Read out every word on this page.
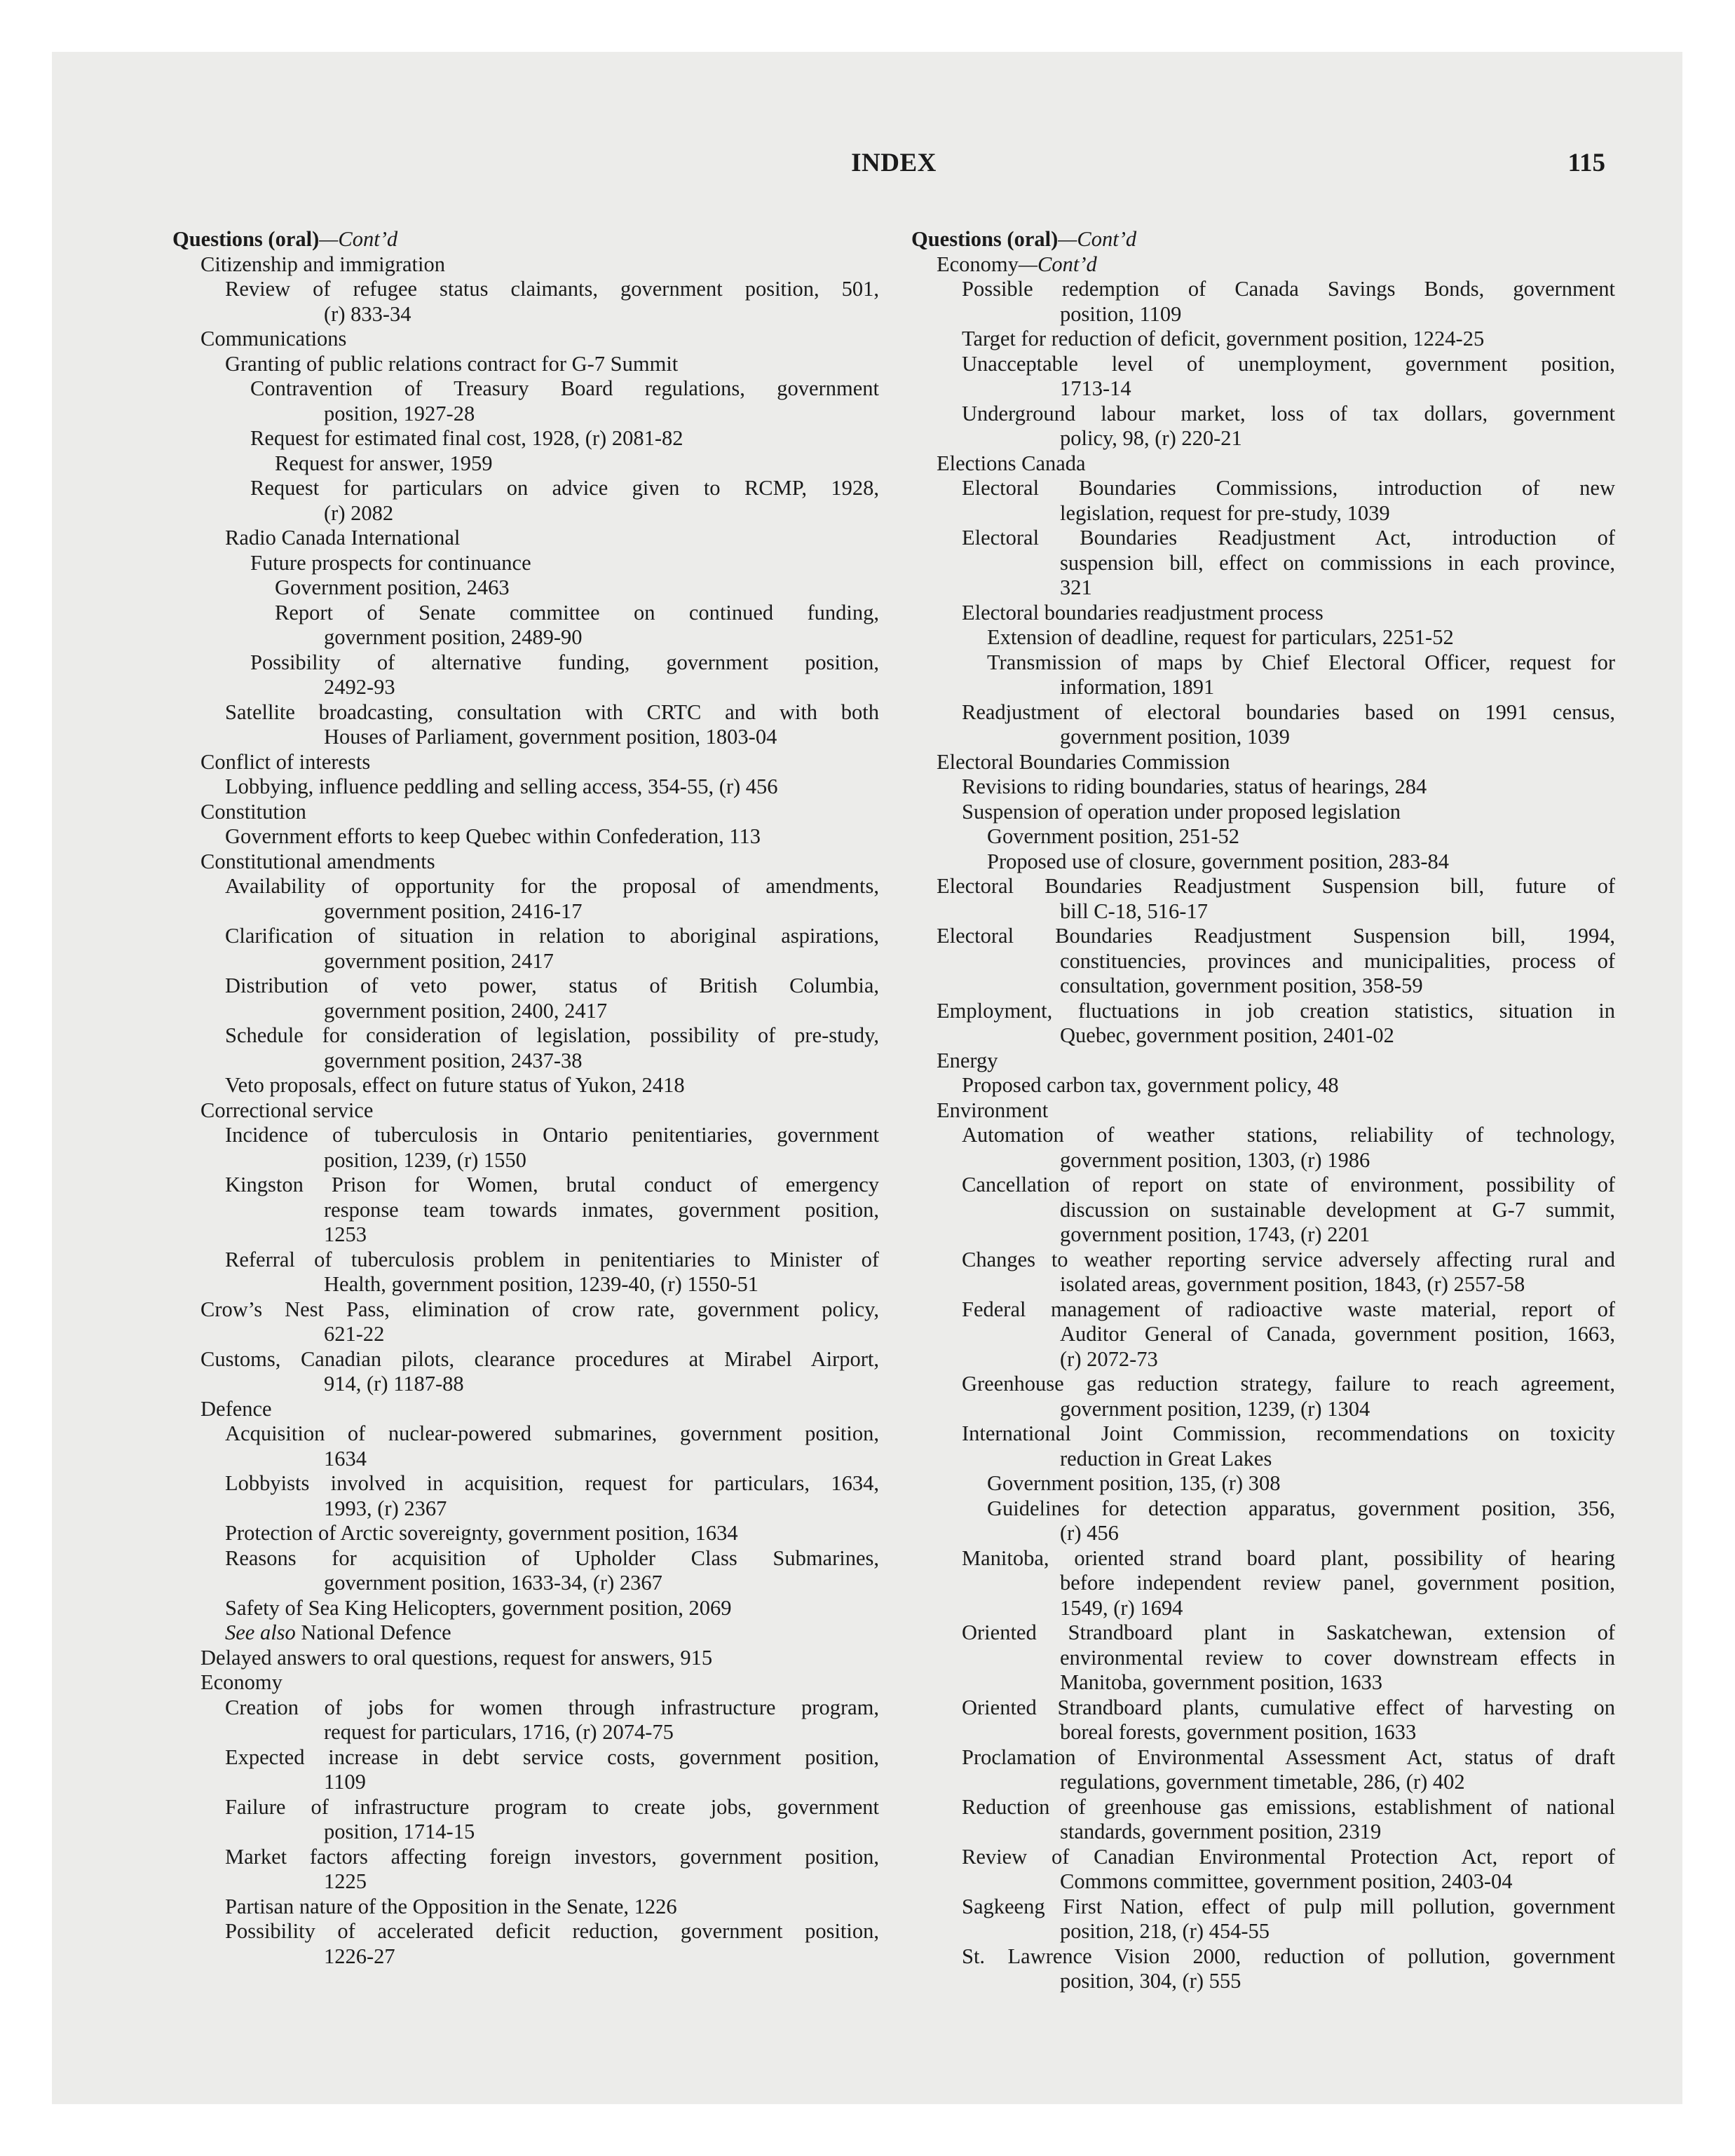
INDEX	115
Questions (oral)—Cont’d
Citizenship and immigration
Review of refugee status claimants, government position, 501,
(r) 833-34
Communications
Granting of public relations contract for G-7 Summit
Contravention of Treasury Board regulations, government
position, 1927-28
Request for estimated final cost, 1928, (r) 2081-82
Request for answer, 1959
Request for particulars on advice given to RCMP, 1928,
(r) 2082
Radio Canada International
Future prospects for continuance
Government position, 2463
Report of Senate committee on continued funding,
government position, 2489-90
Possibility of alternative funding, government position,
2492-93
Satellite broadcasting, consultation with CRTC and with both
Houses of Parliament, government position, 1803-04
Conflict of interests
Lobbying, influence peddling and selling access, 354-55, (r) 456
Constitution
Government efforts to keep Quebec within Confederation, 113
Constitutional amendments
Availability of opportunity for the proposal of amendments,
government position, 2416-17
Clarification of situation in relation to aboriginal aspirations,
government position, 2417
Distribution of veto power, status of British Columbia,
government position, 2400, 2417
Schedule for consideration of legislation, possibility of pre-study,
government position, 2437-38
Veto proposals, effect on future status of Yukon, 2418
Correctional service
Incidence of tuberculosis in Ontario penitentiaries, government
position, 1239, (r) 1550
Kingston Prison for Women, brutal conduct of emergency
response team towards inmates, government position,
1253
Referral of tuberculosis problem in penitentiaries to Minister of
Health, government position, 1239-40, (r) 1550-51
Crow’s Nest Pass, elimination of crow rate, government policy,
621-22
Customs, Canadian pilots, clearance procedures at Mirabel Airport,
914, (r) 1187-88
Defence
Acquisition of nuclear-powered submarines, government position,
1634
Lobbyists involved in acquisition, request for particulars, 1634,
1993, (r) 2367
Protection of Arctic sovereignty, government position, 1634
Reasons for acquisition of Upholder Class Submarines,
government position, 1633-34, (r) 2367
Safety of Sea King Helicopters, government position, 2069
See also National Defence
Delayed answers to oral questions, request for answers, 915
Economy
Creation of jobs for women through infrastructure program,
request for particulars, 1716, (r) 2074-75
Expected increase in debt service costs, government position,
1109
Failure of infrastructure program to create jobs, government
position, 1714-15
Market factors affecting foreign investors, government position,
1225
Partisan nature of the Opposition in the Senate, 1226
Possibility of accelerated deficit reduction, government position,
1226-27
Questions (oral)—Cont’d
Economy—Cont’d
Possible redemption of Canada Savings Bonds, government
position, 1109
Target for reduction of deficit, government position, 1224-25
Unacceptable level of unemployment, government position,
1713-14
Underground labour market, loss of tax dollars, government
policy, 98, (r) 220-21
Elections Canada
Electoral Boundaries Commissions, introduction of new
legislation, request for pre-study, 1039
Electoral Boundaries Readjustment Act, introduction of
suspension bill, effect on commissions in each province,
321
Electoral boundaries readjustment process
Extension of deadline, request for particulars, 2251-52
Transmission of maps by Chief Electoral Officer, request for
information, 1891
Readjustment of electoral boundaries based on 1991 census,
government position, 1039
Electoral Boundaries Commission
Revisions to riding boundaries, status of hearings, 284
Suspension of operation under proposed legislation
Government position, 251-52
Proposed use of closure, government position, 283-84
Electoral Boundaries Readjustment Suspension bill, future of
bill C-18, 516-17
Electoral Boundaries Readjustment Suspension bill, 1994,
constituencies, provinces and municipalities, process of
consultation, government position, 358-59
Employment, fluctuations in job creation statistics, situation in
Quebec, government position, 2401-02
Energy
Proposed carbon tax, government policy, 48
Environment
Automation of weather stations, reliability of technology,
government position, 1303, (r) 1986
Cancellation of report on state of environment, possibility of
discussion on sustainable development at G-7 summit,
government position, 1743, (r) 2201
Changes to weather reporting service adversely affecting rural and
isolated areas, government position, 1843, (r) 2557-58
Federal management of radioactive waste material, report of
Auditor General of Canada, government position, 1663,
(r) 2072-73
Greenhouse gas reduction strategy, failure to reach agreement,
government position, 1239, (r) 1304
International Joint Commission, recommendations on toxicity
reduction in Great Lakes
Government position, 135, (r) 308
Guidelines for detection apparatus, government position, 356,
(r) 456
Manitoba, oriented strand board plant, possibility of hearing
before independent review panel, government position,
1549, (r) 1694
Oriented Strandboard plant in Saskatchewan, extension of
environmental review to cover downstream effects in
Manitoba, government position, 1633
Oriented Strandboard plants, cumulative effect of harvesting on
boreal forests, government position, 1633
Proclamation of Environmental Assessment Act, status of draft
regulations, government timetable, 286, (r) 402
Reduction of greenhouse gas emissions, establishment of national
standards, government position, 2319
Review of Canadian Environmental Protection Act, report of
Commons committee, government position, 2403-04
Sagkeeng First Nation, effect of pulp mill pollution, government
position, 218, (r) 454-55
St. Lawrence Vision 2000, reduction of pollution, government
position, 304, (r) 555
